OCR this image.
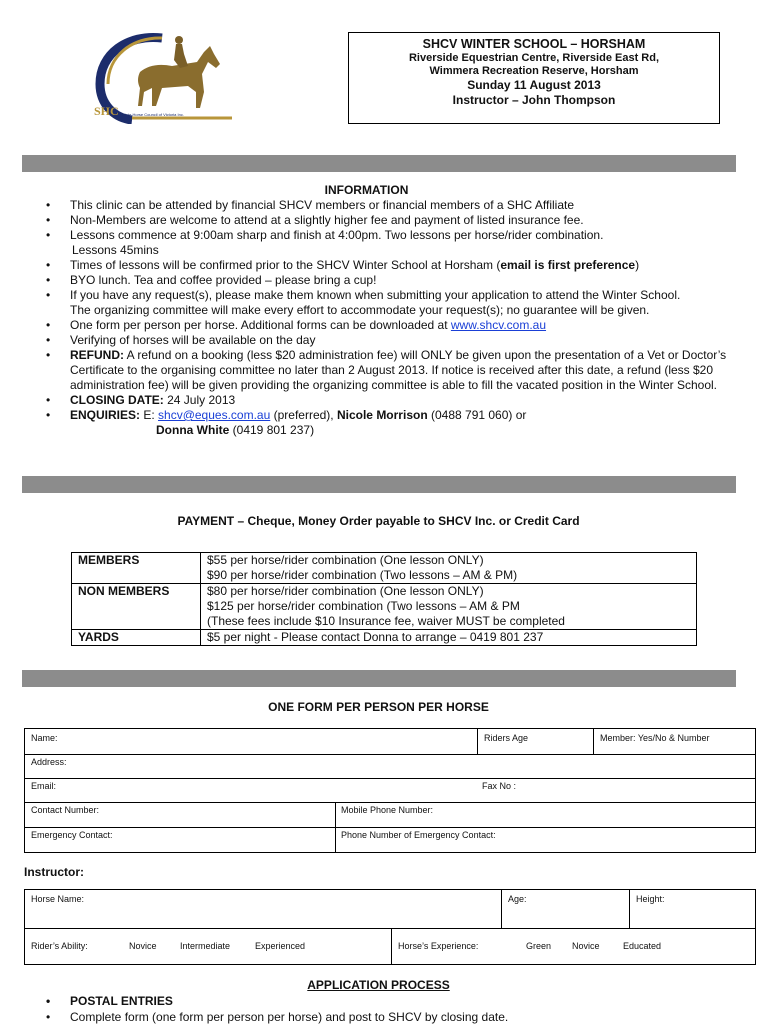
SHC State Horse Council of Victoria Inc.
SHCV WINTER SCHOOL – HORSHAM
Riverside Equestrian Centre, Riverside East Rd,
Wimmera Recreation Reserve, Horsham
Sunday 11 August 2013
Instructor – John Thompson
INFORMATION
• This clinic can be attended by financial SHCV members or financial members of a SHC Affiliate
• Non-Members are welcome to attend at a slightly higher fee and payment of listed insurance fee.
• Lessons commence at 9:00am sharp and finish at 4:00pm. Two lessons per horse/rider combination.
Lessons 45mins
• Times of lessons will be confirmed prior to the SHCV Winter School at Horsham (email is first preference)
• BYO lunch. Tea and coffee provided – please bring a cup!
• If you have any request(s), please make them known when submitting your application to attend the Winter School.
The organizing committee will make every effort to accommodate your request(s); no guarantee will be given.
• One form per person per horse. Additional forms can be downloaded at www.shcv.com.au
• Verifying of horses will be available on the day
• REFUND: A refund on a booking (less $20 administration fee) will ONLY be given upon the presentation of a Vet or Doctor’s Certificate to the organising committee no later than 2 August 2013. If notice is received after this date, a refund (less $20 administration fee) will be given providing the organizing committee is able to fill the vacated position in the Winter School.
• CLOSING DATE: 24 July 2013
• ENQUIRIES: E: shcv@eques.com.au (preferred), Nicole Morrison (0488 791 060) or
Donna White (0419 801 237)
PAYMENT – Cheque, Money Order payable to SHCV Inc. or Credit Card
MEMBERS	$55 per horse/rider combination (One lesson ONLY)
$90 per horse/rider combination (Two lessons – AM & PM)

NON MEMBERS	$80 per horse/rider combination (One lesson ONLY)
$125 per horse/rider combination (Two lessons – AM & PM
(These fees include $10 Insurance fee, waiver MUST be completed

YARDS	$5 per night - Please contact Donna to arrange – 0419 801 237
ONE FORM PER PERSON PER HORSE
Name:	Riders Age	Member: Yes/No & Number
Address:
Email:	Fax No :
Contact Number:	Mobile Phone Number:
Emergency Contact:	Phone Number of Emergency Contact:
Instructor:
Horse Name:	Age:	Height:
Rider’s Ability:	Novice	Intermediate	Experienced	Horse’s Experience:	Green Novice	Educated
APPLICATION PROCESS
• POSTAL ENTRIES
• Complete form (one form per person per horse) and post to SHCV by closing date.
